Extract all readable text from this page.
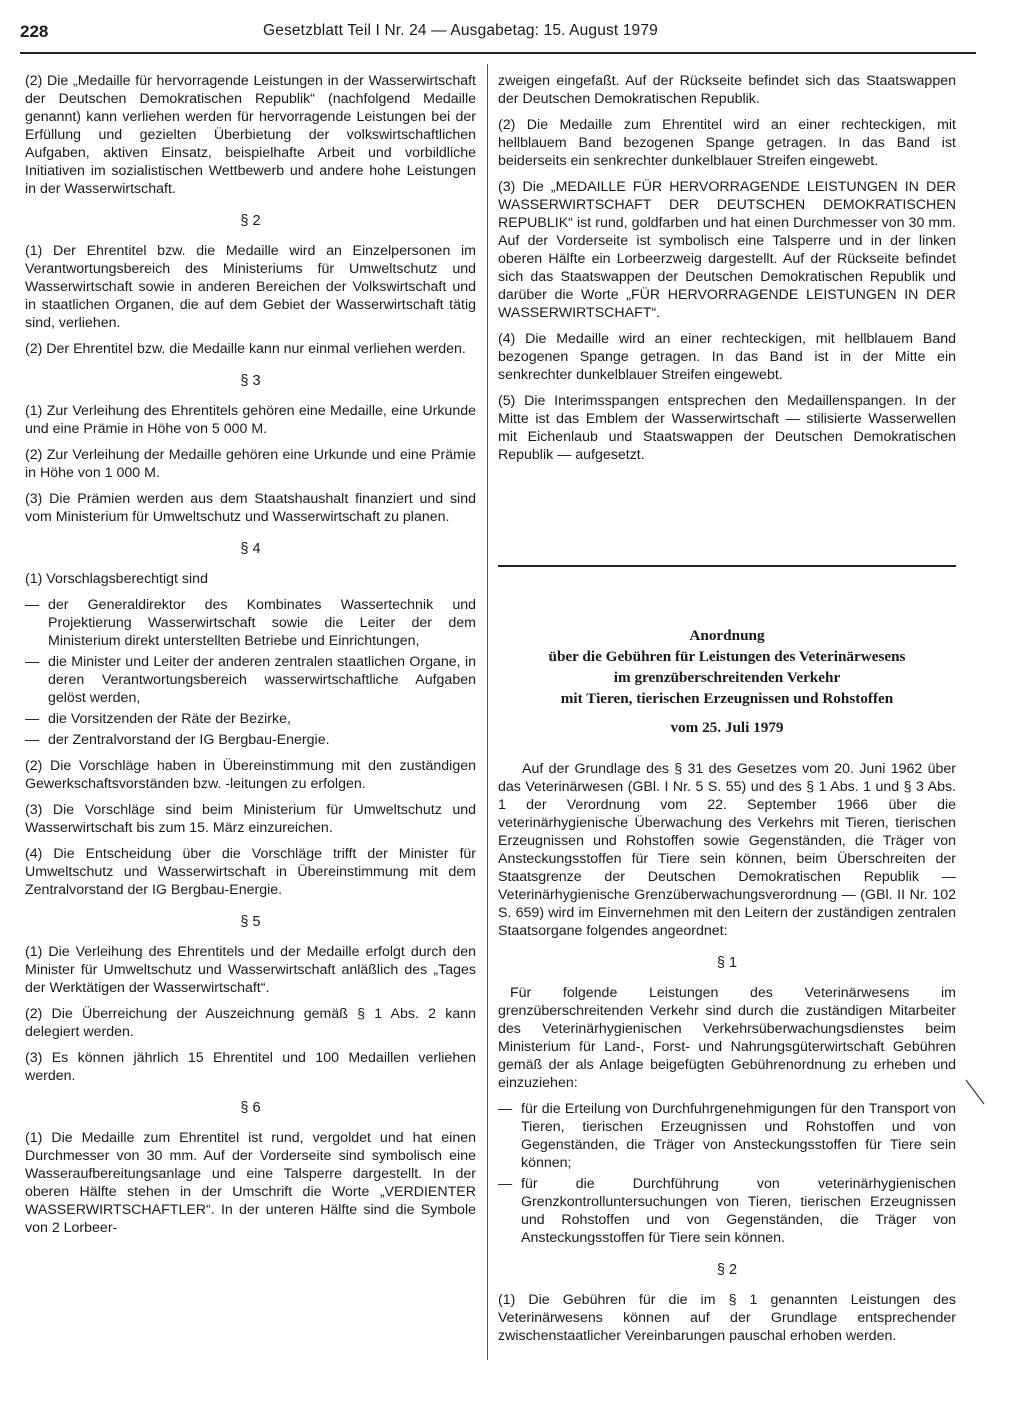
228	Gesetzblatt Teil I Nr. 24 — Ausgabetag: 15. August 1979

(2) Die „Medaille für hervorragende Leistungen in der Wasserwirtschaft der Deutschen Demokratischen Republik“ (nachfolgend Medaille genannt) kann verliehen werden für hervorragende Leistungen bei der Erfüllung und gezielten Überbietung der volkswirtschaftlichen Aufgaben, aktiven Einsatz, beispielhafte Arbeit und vorbildliche Initiativen im sozialistischen Wettbewerb und andere hohe Leistungen in der Wasserwirtschaft.

§ 2

(1) Der Ehrentitel bzw. die Medaille wird an Einzelpersonen im Verantwortungsbereich des Ministeriums für Umweltschutz und Wasserwirtschaft sowie in anderen Bereichen der Volkswirtschaft und in staatlichen Organen, die auf dem Gebiet der Wasserwirtschaft tätig sind, verliehen.

(2) Der Ehrentitel bzw. die Medaille kann nur einmal verliehen werden.

§ 3

(1) Zur Verleihung des Ehrentitels gehören eine Medaille, eine Urkunde und eine Prämie in Höhe von 5 000 M.

(2) Zur Verleihung der Medaille gehören eine Urkunde und eine Prämie in Höhe von 1 000 M.

(3) Die Prämien werden aus dem Staatshaushalt finanziert und sind vom Ministerium für Umweltschutz und Wasserwirtschaft zu planen.

§ 4

(1) Vorschlagsberechtigt sind

— der Generaldirektor des Kombinates Wassertechnik und Projektierung Wasserwirtschaft sowie die Leiter der dem Ministerium direkt unterstellten Betriebe und Einrichtungen,
— die Minister und Leiter der anderen zentralen staatlichen Organe, in deren Verantwortungsbereich wasserwirtschaftliche Aufgaben gelöst werden,
— die Vorsitzenden der Räte der Bezirke,
— der Zentralvorstand der IG Bergbau-Energie.

(2) Die Vorschläge haben in Übereinstimmung mit den zuständigen Gewerkschaftsvorständen bzw. -leitungen zu erfolgen.

(3) Die Vorschläge sind beim Ministerium für Umweltschutz und Wasserwirtschaft bis zum 15. März einzureichen.

(4) Die Entscheidung über die Vorschläge trifft der Minister für Umweltschutz und Wasserwirtschaft in Übereinstimmung mit dem Zentralvorstand der IG Bergbau-Energie.

§ 5

(1) Die Verleihung des Ehrentitels und der Medaille erfolgt durch den Minister für Umweltschutz und Wasserwirtschaft anläßlich des „Tages der Werktätigen der Wasserwirtschaft“.

(2) Die Überreichung der Auszeichnung gemäß § 1 Abs. 2 kann delegiert werden.

(3) Es können jährlich 15 Ehrentitel und 100 Medaillen verliehen werden.

§ 6

(1) Die Medaille zum Ehrentitel ist rund, vergoldet und hat einen Durchmesser von 30 mm. Auf der Vorderseite sind symbolisch eine Wasseraufbereitungsanlage und eine Talsperre dargestellt. In der oberen Hälfte stehen in der Umschrift die Worte „VERDIENTER WASSERWIRTSCHAFTLER“. In der unteren Hälfte sind die Symbole von 2 Lorbeer-

zweigen eingefaßt. Auf der Rückseite befindet sich das Staatswappen der Deutschen Demokratischen Republik.

(2) Die Medaille zum Ehrentitel wird an einer rechteckigen, mit hellblauem Band bezogenen Spange getragen. In das Band ist beiderseits ein senkrechter dunkelblauer Streifen eingewebt.

(3) Die „MEDAILLE FÜR HERVORRAGENDE LEISTUNGEN IN DER WASSERWIRTSCHAFT DER DEUTSCHEN DEMOKRATISCHEN REPUBLIK“ ist rund, goldfarben und hat einen Durchmesser von 30 mm. Auf der Vorderseite ist symbolisch eine Talsperre und in der linken oberen Hälfte ein Lorbeerzweig dargestellt. Auf der Rückseite befindet sich das Staatswappen der Deutschen Demokratischen Republik und darüber die Worte „FÜR HERVORRAGENDE LEISTUNGEN IN DER WASSERWIRTSCHAFT“.

(4) Die Medaille wird an einer rechteckigen, mit hellblauem Band bezogenen Spange getragen. In das Band ist in der Mitte ein senkrechter dunkelblauer Streifen eingewebt.

(5) Die Interimsspangen entsprechen den Medaillenspangen. In der Mitte ist das Emblem der Wasserwirtschaft — stilisierte Wasserwellen mit Eichenlaub und Staatswappen der Deutschen Demokratischen Republik — aufgesetzt.

Anordnung
über die Gebühren für Leistungen des Veterinärwesens
im grenzüberschreitenden Verkehr
mit Tieren, tierischen Erzeugnissen und Rohstoffen
vom 25. Juli 1979

Auf der Grundlage des § 31 des Gesetzes vom 20. Juni 1962 über das Veterinärwesen (GBl. I Nr. 5 S. 55) und des § 1 Abs. 1 und § 3 Abs. 1 der Verordnung vom 22. September 1966 über die veterinärhygienische Überwachung des Verkehrs mit Tieren, tierischen Erzeugnissen und Rohstoffen sowie Gegenständen, die Träger von Ansteckungsstoffen für Tiere sein können, beim Überschreiten der Staatsgrenze der Deutschen Demokratischen Republik — Veterinärhygienische Grenzüberwachungsverordnung — (GBl. II Nr. 102 S. 659) wird im Einvernehmen mit den Leitern der zuständigen zentralen Staatsorgane folgendes angeordnet:

§ 1

Für folgende Leistungen des Veterinärwesens im grenzüberschreitenden Verkehr sind durch die zuständigen Mitarbeiter des Veterinärhygienischen Verkehrsüberwachungsdienstes beim Ministerium für Land-, Forst- und Nahrungsgüterwirtschaft Gebühren gemäß der als Anlage beigefügten Gebührenordnung zu erheben und einzuziehen:

— für die Erteilung von Durchfuhrgenehmigungen für den Transport von Tieren, tierischen Erzeugnissen und Rohstoffen und von Gegenständen, die Träger von Ansteckungsstoffen für Tiere sein können;
— für die Durchführung von veterinärhygienischen Grenzkontrolluntersuchungen von Tieren, tierischen Erzeugnissen und Rohstoffen und von Gegenständen, die Träger von Ansteckungsstoffen für Tiere sein können.
§ 2

(1) Die Gebühren für die im § 1 genannten Leistungen des Veterinärwesens können auf der Grundlage entsprechender zwischenstaatlicher Vereinbarungen pauschal erhoben werden.
